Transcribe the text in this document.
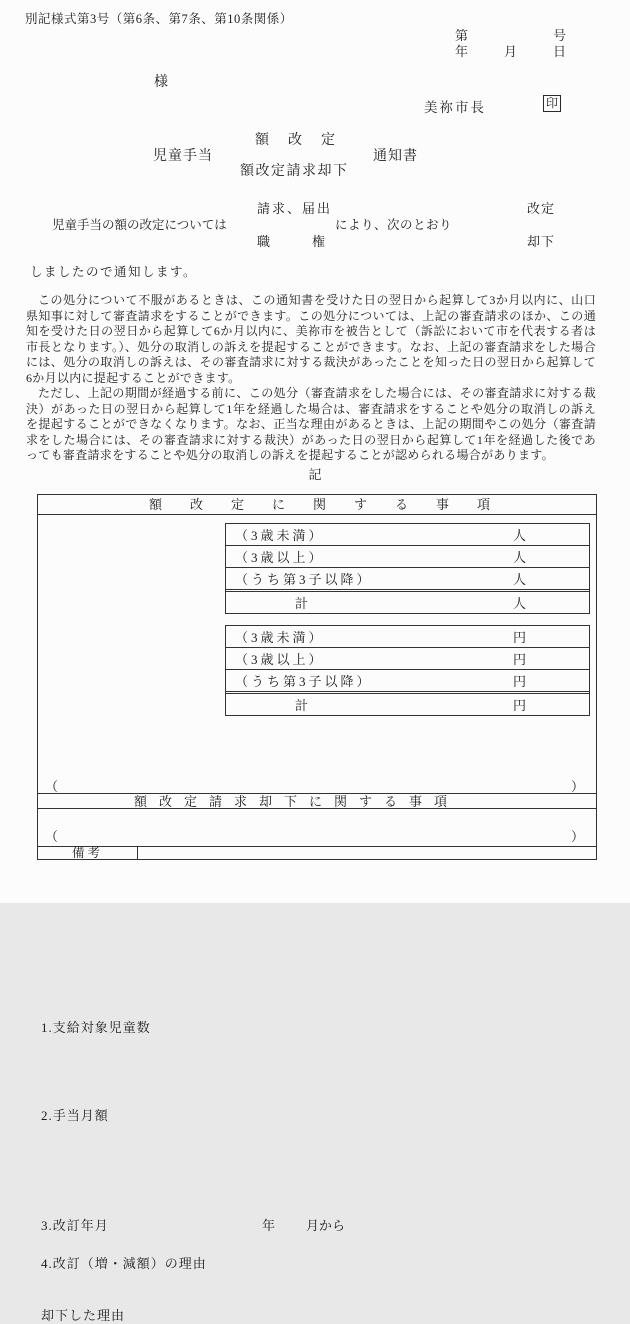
別記様式第3号（第6条、第7条、第10条関係）
第	号
年	月	日
様
美祢市長	印
児童手当
額改定
額改定請求却下
通知書
請求、届出	改定
児童手当の額の改定については	により、次のとおり
職権	却下
しましたので通知します。

この処分について不服があるときは、この通知書を受けた日の翌日から起算して3か月以内に、山口県知事に対して審査請求をすることができます。この処分については、上記の審査請求のほか、この通知を受けた日の翌日から起算して6か月以内に、美祢市を被告として（訴訟において市を代表する者は市長となります。）、処分の取消しの訴えを提起することができます。なお、上記の審査請求をした場合には、処分の取消しの訴えは、その審査請求に対する裁決があったことを知った日の翌日から起算して6か月以内に提起することができます。

ただし、上記の期間が経過する前に、この処分（審査請求をした場合には、その審査請求に対する裁決）があった日の翌日から起算して1年を経過した場合は、審査請求をすることや処分の取消しの訴えを提起することができなくなります。なお、正当な理由があるときは、上記の期間やこの処分（審査請求をした場合には、その審査請求に対する裁決）があった日の翌日から起算して1年を経過した後であっても審査請求をすることや処分の取消しの訴えを提起することが認められる場合があります。

記
額改定に関する事項
1.支給対象児童数
（3歳未満）	人
（3歳以上）	人
（うち第3子以降）	人
計	人
2.手当月額
（3歳未満）	円
（3歳以上）	円
（うち第3子以降）	円
計	円
3.改訂年月	年 月から
4.改訂（増・減額）の理由
（	）
額改定請求却下に関する事項
却下した理由
（	）
備考
